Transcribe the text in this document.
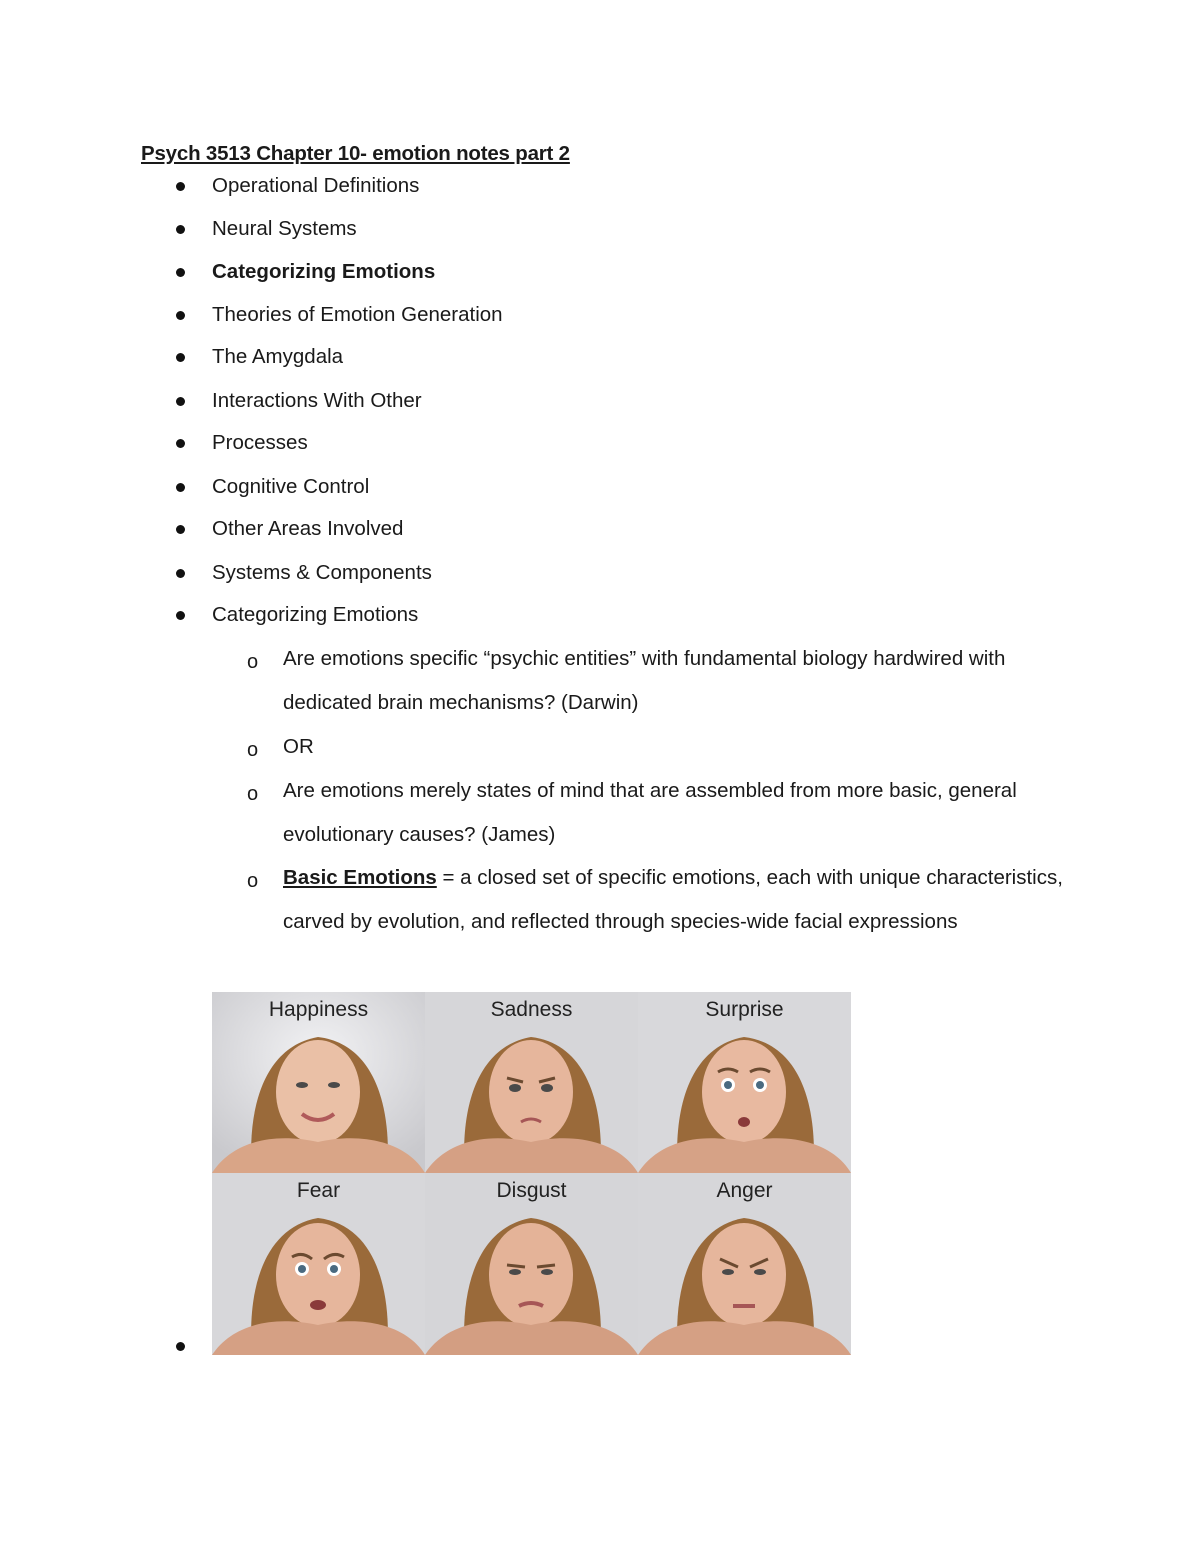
Psych 3513 Chapter 10- emotion notes part 2
Operational Definitions
Neural Systems
Categorizing Emotions
Theories of Emotion Generation
The Amygdala
Interactions With Other
Processes
Cognitive Control
Other Areas Involved
Systems & Components
Categorizing Emotions
o Are emotions specific “psychic entities” with fundamental biology hardwired with dedicated brain mechanisms? (Darwin)
o OR
o Are emotions merely states of mind that are assembled from more basic, general evolutionary causes? (James)
o Basic Emotions = a closed set of specific emotions, each with unique characteristics, carved by evolution, and reflected through species-wide facial expressions
Happiness	Sadness	Surprise
Fear	Disgust	Anger
